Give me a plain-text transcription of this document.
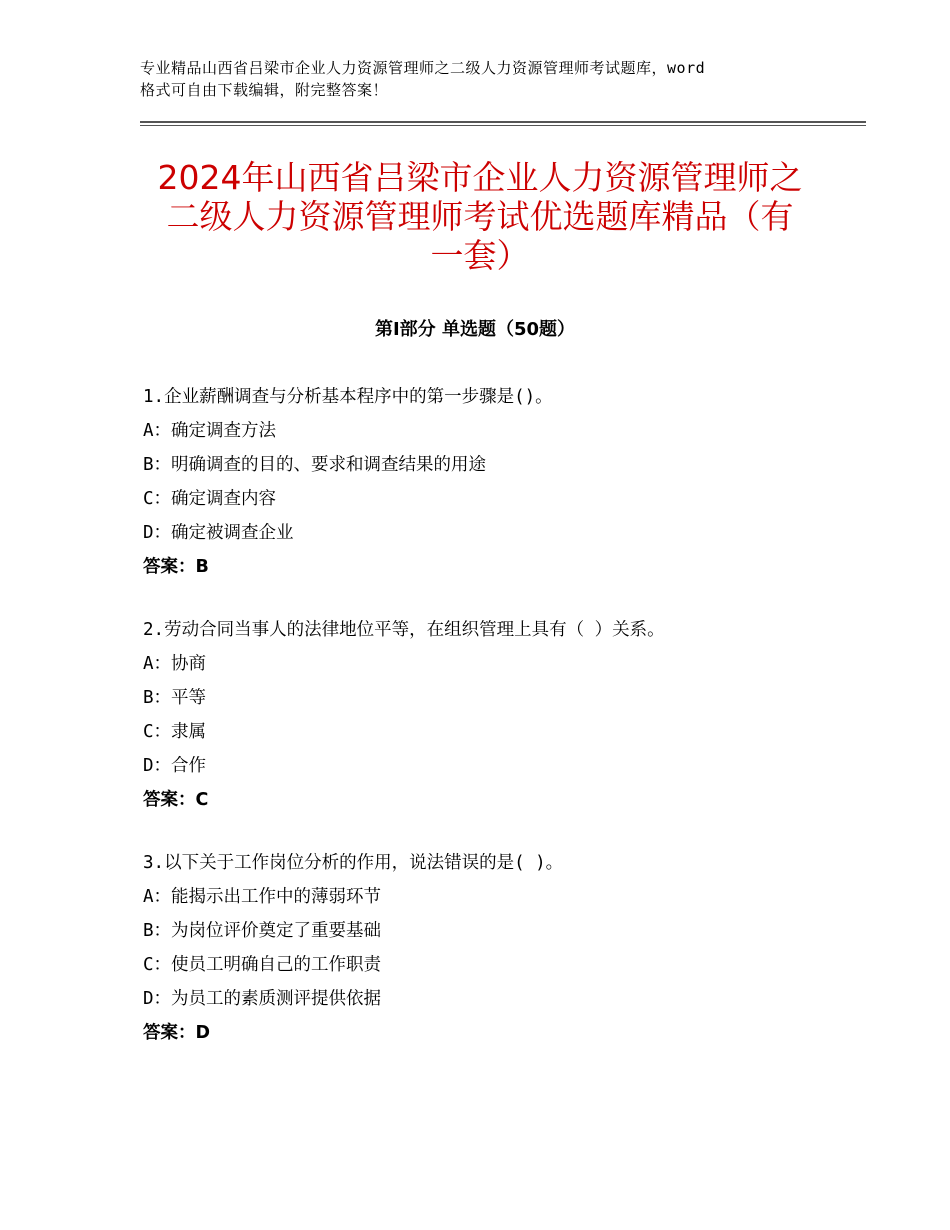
专业精品山西省吕梁市企业人力资源管理师之二级人力资源管理师考试题库，word
格式可自由下载编辑，附完整答案！
2024年山西省吕梁市企业人力资源管理师之
二级人力资源管理师考试优选题库精品（有
一套）
第Ⅰ部分 单选题（50题）
1.企业薪酬调查与分析基本程序中的第一步骤是()。
A：确定调查方法
B：明确调查的目的、要求和调查结果的用途
C：确定调查内容
D：确定被调查企业
答案：B
2.劳动合同当事人的法律地位平等，在组织管理上具有（ ）关系。
A：协商
B：平等
C：隶属
D：合作
答案：C
3.以下关于工作岗位分析的作用，说法错误的是( )。
A：能揭示出工作中的薄弱环节
B：为岗位评价奠定了重要基础
C：使员工明确自己的工作职责
D：为员工的素质测评提供依据
答案：D
